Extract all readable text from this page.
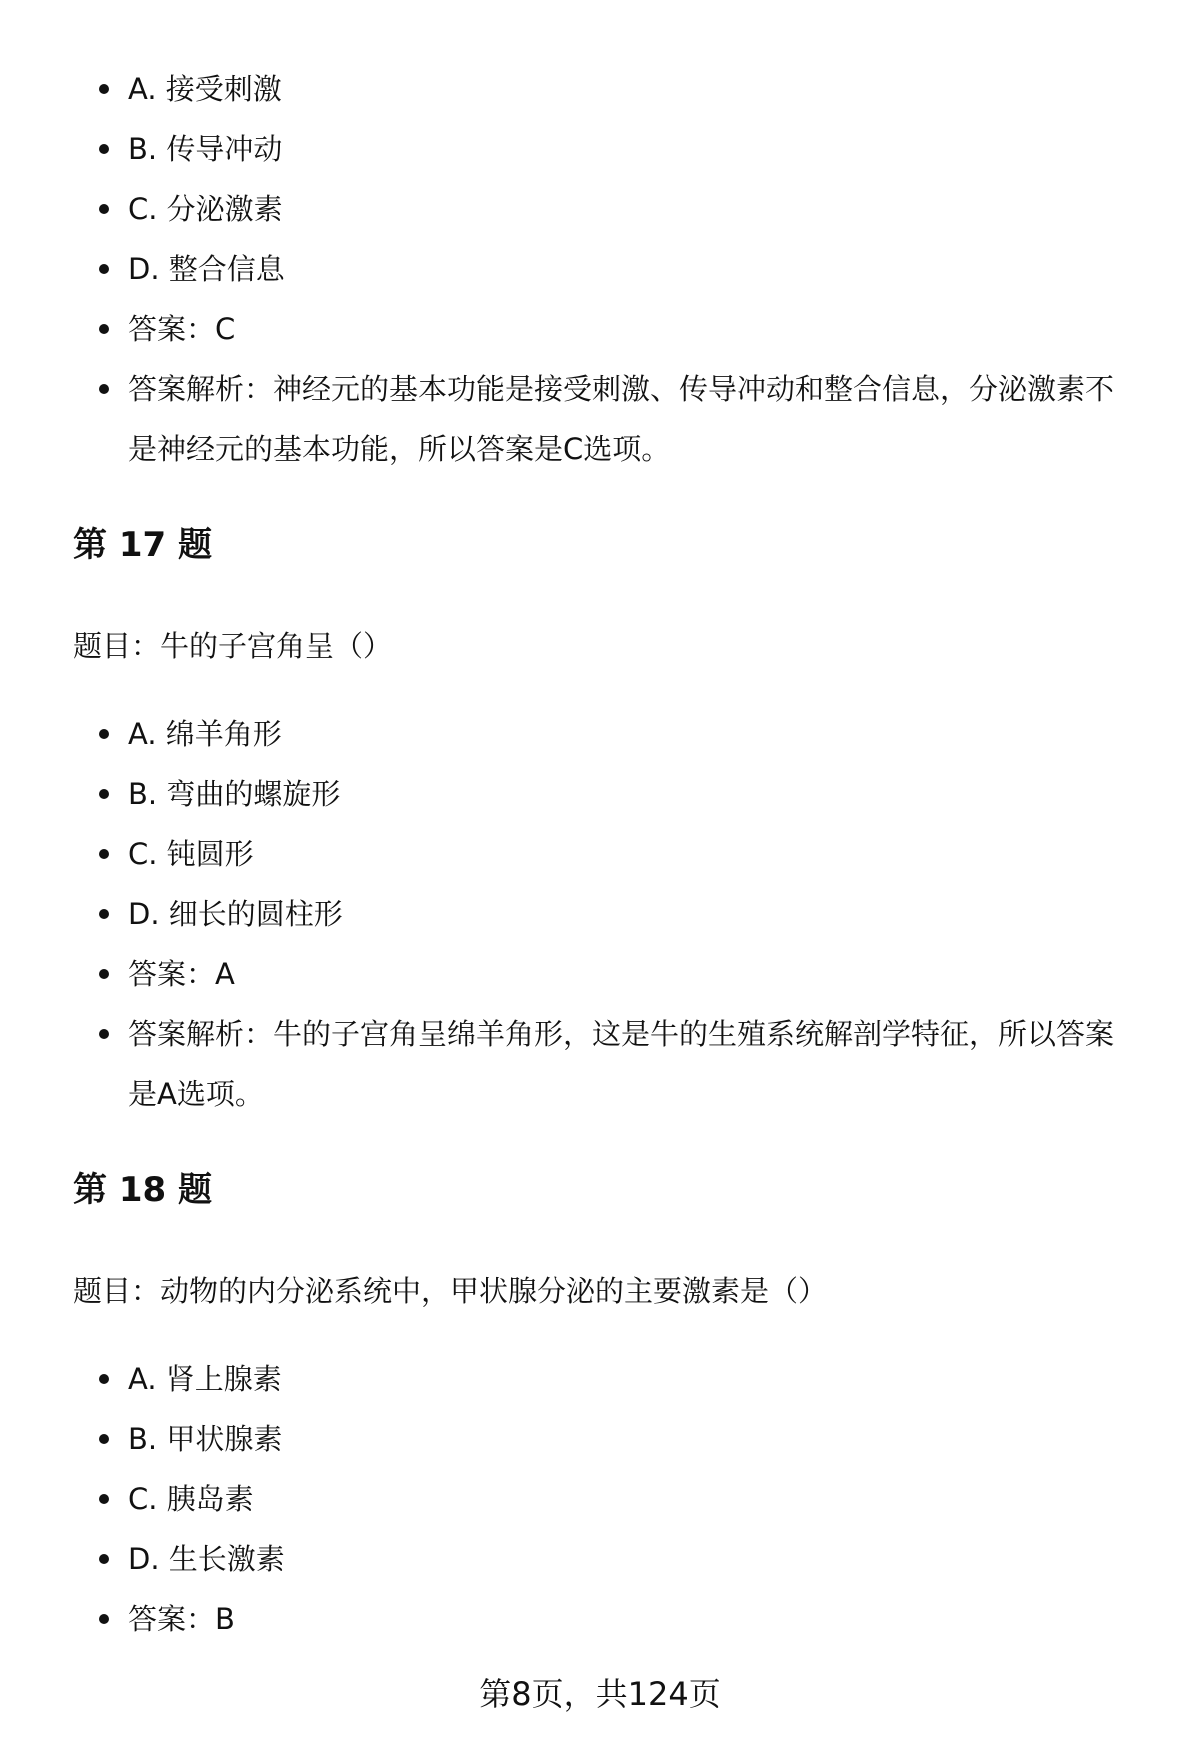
A. 接受刺激
B. 传导冲动
C. 分泌激素
D. 整合信息
答案：C
答案解析：神经元的基本功能是接受刺激、传导冲动和整合信息，分泌激素不是神经元的基本功能，所以答案是C选项。
第 17 题
题目：牛的子宫角呈（）
A. 绵羊角形
B. 弯曲的螺旋形
C. 钝圆形
D. 细长的圆柱形
答案：A
答案解析：牛的子宫角呈绵羊角形，这是牛的生殖系统解剖学特征，所以答案是A选项。
第 18 题
题目：动物的内分泌系统中，甲状腺分泌的主要激素是（）
A. 肾上腺素
B. 甲状腺素
C. 胰岛素
D. 生长激素
答案：B
第8页，共124页
